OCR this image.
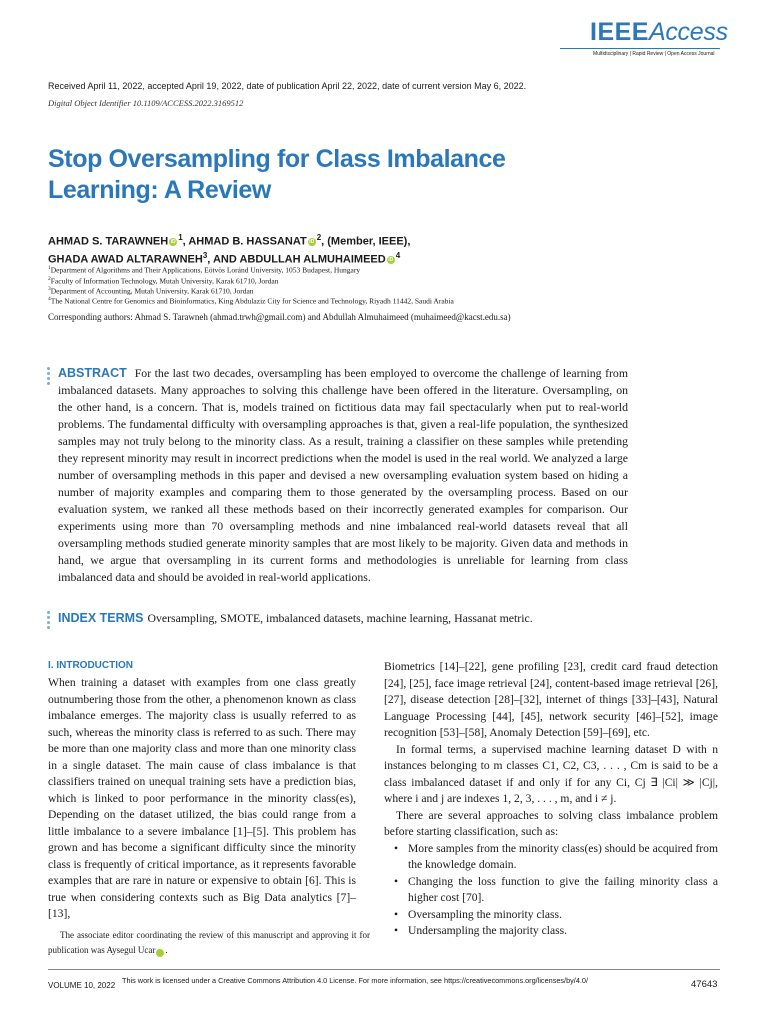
IEEEAccess
Multidisciplinary | Rapid Review | Open Access Journal
Received April 11, 2022, accepted April 19, 2022, date of publication April 22, 2022, date of current version May 6, 2022.
Digital Object Identifier 10.1109/ACCESS.2022.3169512
Stop Oversampling for Class Imbalance
Learning: A Review
AHMAD S. TARAWNEH iD $^1$, AHMAD B. HASSANAT iD $^2$, (Member, IEEE),
GHADA AWAD ALTARAWNEH$^3$, AND ABDULLAH ALMUHAIMEED iD $^4$
$^1$Department of Algorithms and Their Applications, Eötvös Loránd University, 1053 Budapest, Hungary
$^2$Faculty of Information Technology, Mutah University, Karak 61710, Jordan
$^3$Department of Accounting, Mutah University, Karak 61710, Jordan
$^4$The National Centre for Genomics and Bioinformatics, King Abdulaziz City for Science and Technology, Riyadh 11442, Saudi Arabia
Corresponding authors: Ahmad S. Tarawneh (ahmad.trwh@gmail.com) and Abdullah Almuhaimeed (muhaimeed@kacst.edu.sa)
ABSTRACT For the last two decades, oversampling has been employed to overcome the challenge of learning from imbalanced datasets. Many approaches to solving this challenge have been offered in the literature. Oversampling, on the other hand, is a concern. That is, models trained on fictitious data may fail spectacularly when put to real-world problems. The fundamental difficulty with oversampling approaches is that, given a real-life population, the synthesized samples may not truly belong to the minority class. As a result, training a classifier on these samples while pretending they represent minority may result in incorrect predictions when the model is used in the real world. We analyzed a large number of oversampling methods in this paper and devised a new oversampling evaluation system based on hiding a number of majority examples and comparing them to those generated by the oversampling process. Based on our evaluation system, we ranked all these methods based on their incorrectly generated examples for comparison. Our experiments using more than 70 oversampling methods and nine imbalanced real-world datasets reveal that all oversampling methods studied generate minority samples that are most likely to be majority. Given data and methods in hand, we argue that oversampling in its current forms and methodologies is unreliable for learning from class imbalanced data and should be avoided in real-world applications.
INDEX TERMS Oversampling, SMOTE, imbalanced datasets, machine learning, Hassanat metric.
I. INTRODUCTION

When training a dataset with examples from one class greatly outnumbering those from the other, a phenomenon known as class imbalance emerges. The majority class is usually referred to as such, whereas the minority class is referred to as such. There may be more than one majority class and more than one minority class in a single dataset. The main cause of class imbalance is that classifiers trained on unequal training sets have a prediction bias, which is linked to poor performance in the minority class(es), Depending on the dataset utilized, the bias could range from a little imbalance to a severe imbalance [1]–[5]. This problem has grown and has become a significant difficulty since the minority class is frequently of critical importance, as it represents favorable examples that are rare in nature or expensive to obtain [6]. This is true when considering contexts such as Big Data analytics [7]–[13],

The associate editor coordinating the review of this manuscript and approving it for publication was Aysegul Ucar	iD.

Biometrics [14]–[22], gene profiling [23], credit card fraud detection [24], [25], face image retrieval [24], content-based image retrieval [26], [27], disease detection [28]–[32], internet of things [33]–[43], Natural Language Processing [44], [45], network security [46]–[52], image recognition [53]–[58], Anomaly Detection [59]–[69], etc.

In formal terms, a supervised machine learning dataset D with n instances belonging to m classes C1, C2, C3, . . . , Cm is said to be a class imbalanced dataset if and only if for any Ci, Cj ∃ |Ci| ≫ |Cj|, where i and j are indexes 1, 2, 3, . . . , m, and i ≠ j.

There are several approaches to solving class imbalance problem before starting classification, such as:

• More samples from the minority class(es) should be acquired from the knowledge domain.
• Changing the loss function to give the failing minority class a higher cost [70].
• Oversampling the minority class.
• Undersampling the majority class.
VOLUME 10, 2022
This work is licensed under a Creative Commons Attribution 4.0 License. For more information, see https://creativecommons.org/licenses/by/4.0/	47643
